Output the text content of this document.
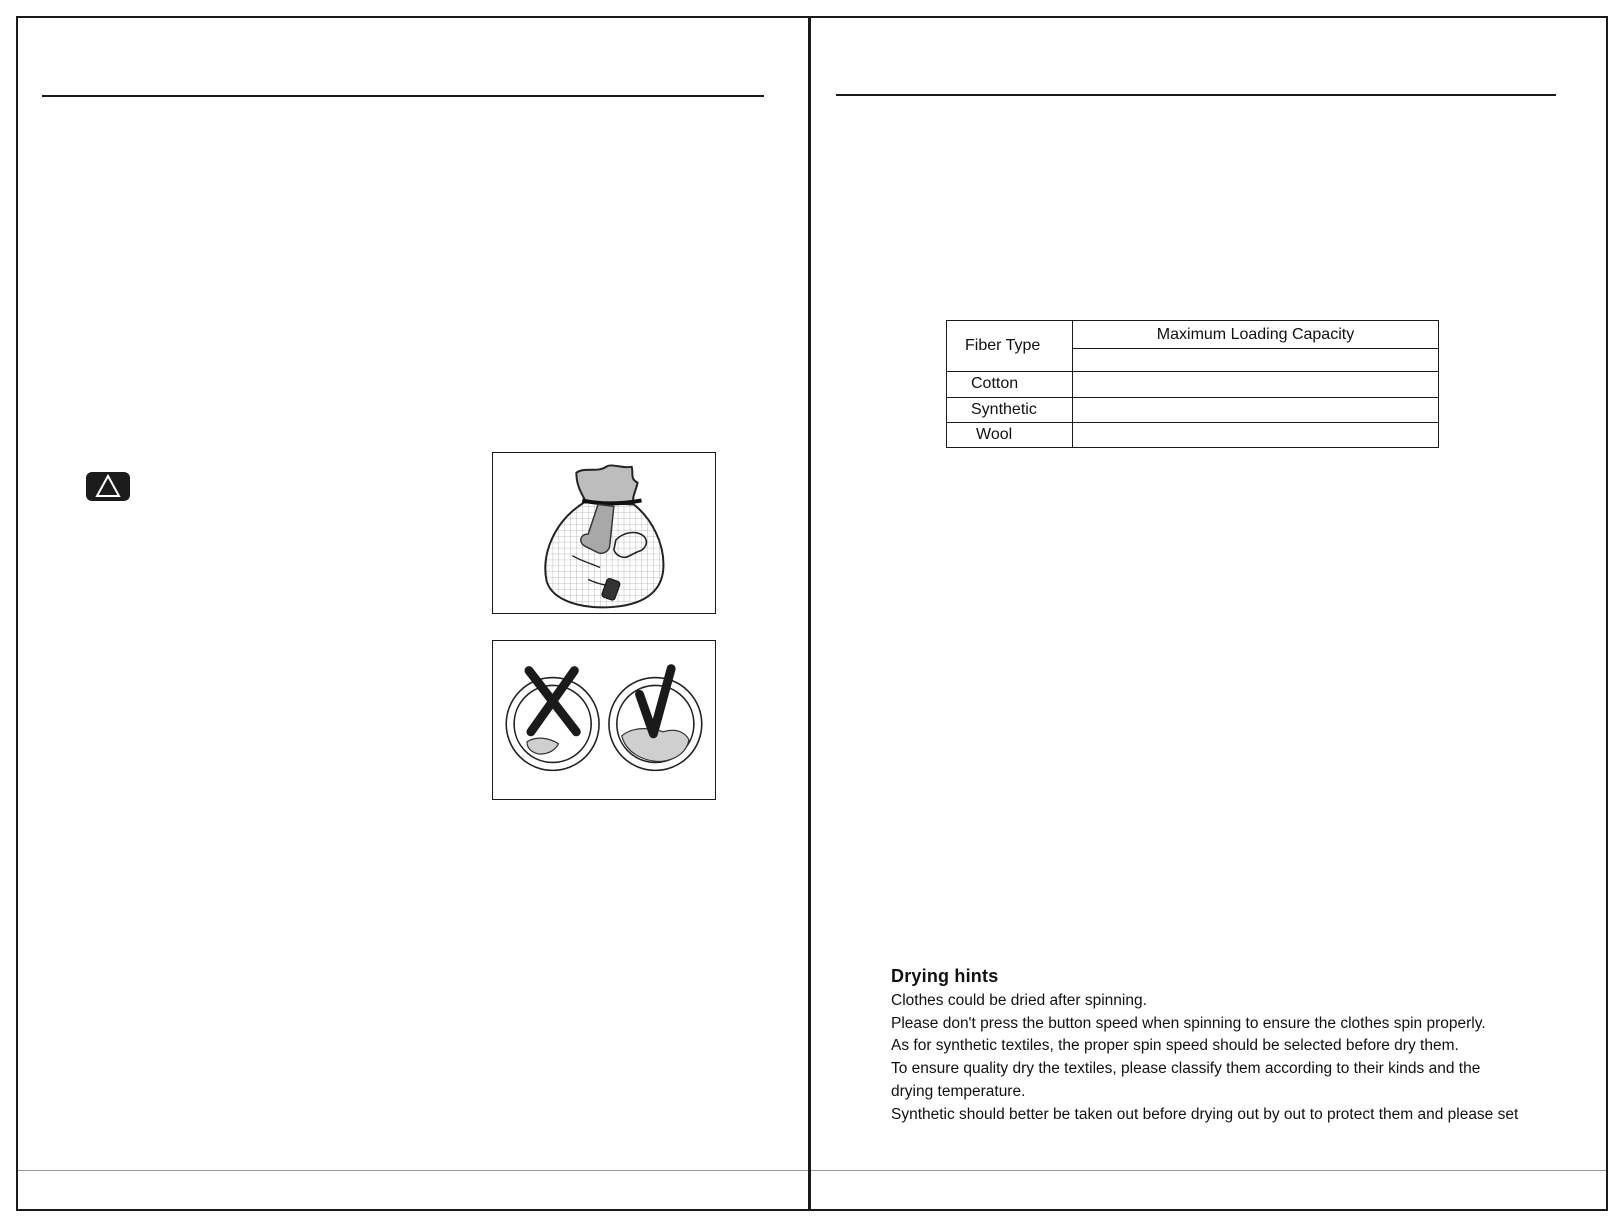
Fiber Type	Maximum Loading Capacity

Cotton	
Synthetic	
Wool	
Drying hints
Clothes could be dried after spinning.
Please don't press the button speed when spinning to ensure the clothes spin properly.
As for synthetic textiles, the proper spin speed should be selected before dry them.
To ensure quality dry the textiles, please classify them according to their kinds and the
drying temperature.
Synthetic should better be taken out before drying out by out to protect them and please set
